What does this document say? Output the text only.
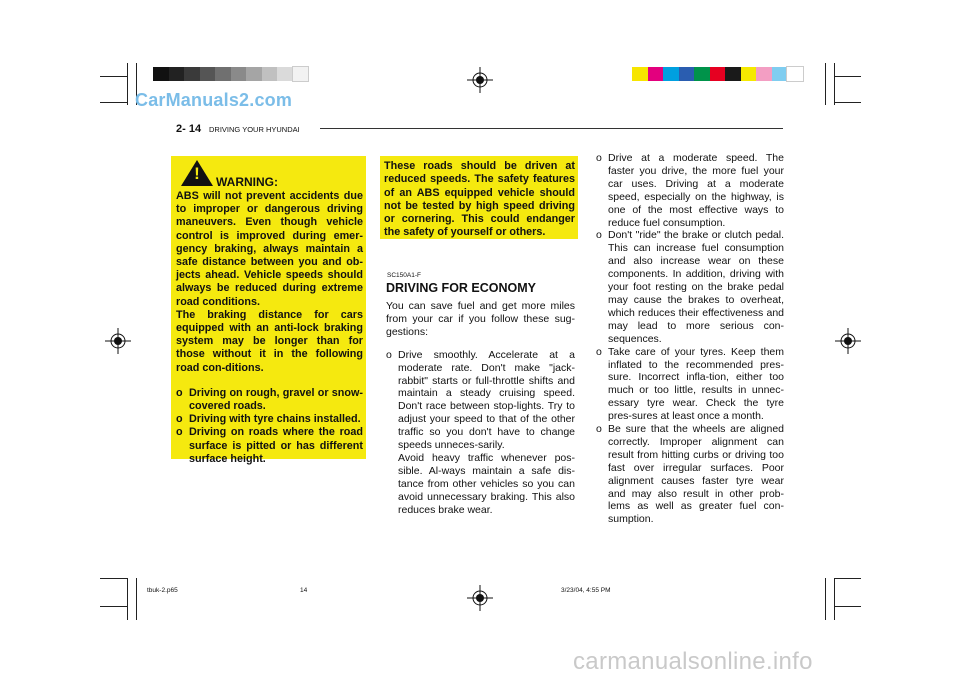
CarManuals2.com
carmanualsonline.info
2- 14 DRIVING YOUR HYUNDAI
! WARNING:

ABS will not prevent accidents due to improper or dangerous driving maneuvers. Even though vehicle control is improved during emer-gency braking, always maintain a safe distance between you and ob-jects ahead. Vehicle speeds should always be reduced during extreme road conditions.

The braking distance for cars equipped with an anti-lock braking system may be longer than for those without it in the following road con-ditions.

o Driving on rough, gravel or snow-covered roads.
o Driving with tyre chains installed.
o Driving on roads where the road surface is pitted or has different surface height.
These roads should be driven at reduced speeds. The safety features of an ABS equipped vehicle should not be tested by high speed driving or cornering. This could endanger the safety of yourself or others.
SC150A1-F
DRIVING FOR ECONOMY

You can save fuel and get more miles from your car if you follow these sug-gestions:

o Drive smoothly. Accelerate at a moderate rate. Don't make "jack-rabbit" starts or full-throttle shifts and maintain a steady cruising speed. Don't race between stop-lights. Try to adjust your speed to that of the other traffic so you don't have to change speeds unneces-sarily.
Avoid heavy traffic whenever pos-sible. Al-ways maintain a safe dis-tance from other vehicles so you can avoid unnecessary braking. This also reduces brake wear.
o Drive at a moderate speed. The faster you drive, the more fuel your car uses. Driving at a moderate speed, especially on the highway, is one of the most effective ways to reduce fuel consumption.
o Don't "ride" the brake or clutch pedal. This can increase fuel consumption and also increase wear on these components. In addition, driving with your foot resting on the brake pedal may cause the brakes to overheat, which reduces their effectiveness and may lead to more serious con-sequences.
o Take care of your tyres. Keep them inflated to the recommended pres-sure. Incorrect infla-tion, either too much or too little, results in unnec-essary tyre wear. Check the tyre pres-sures at least once a month.
o Be sure that the wheels are aligned correctly. Improper alignment can result from hitting curbs or driving too fast over irregular surfaces. Poor alignment causes faster tyre wear and may also result in other prob-lems as well as greater fuel con-sumption.
tbuk-2.p65	14	3/23/04, 4:55 PM
